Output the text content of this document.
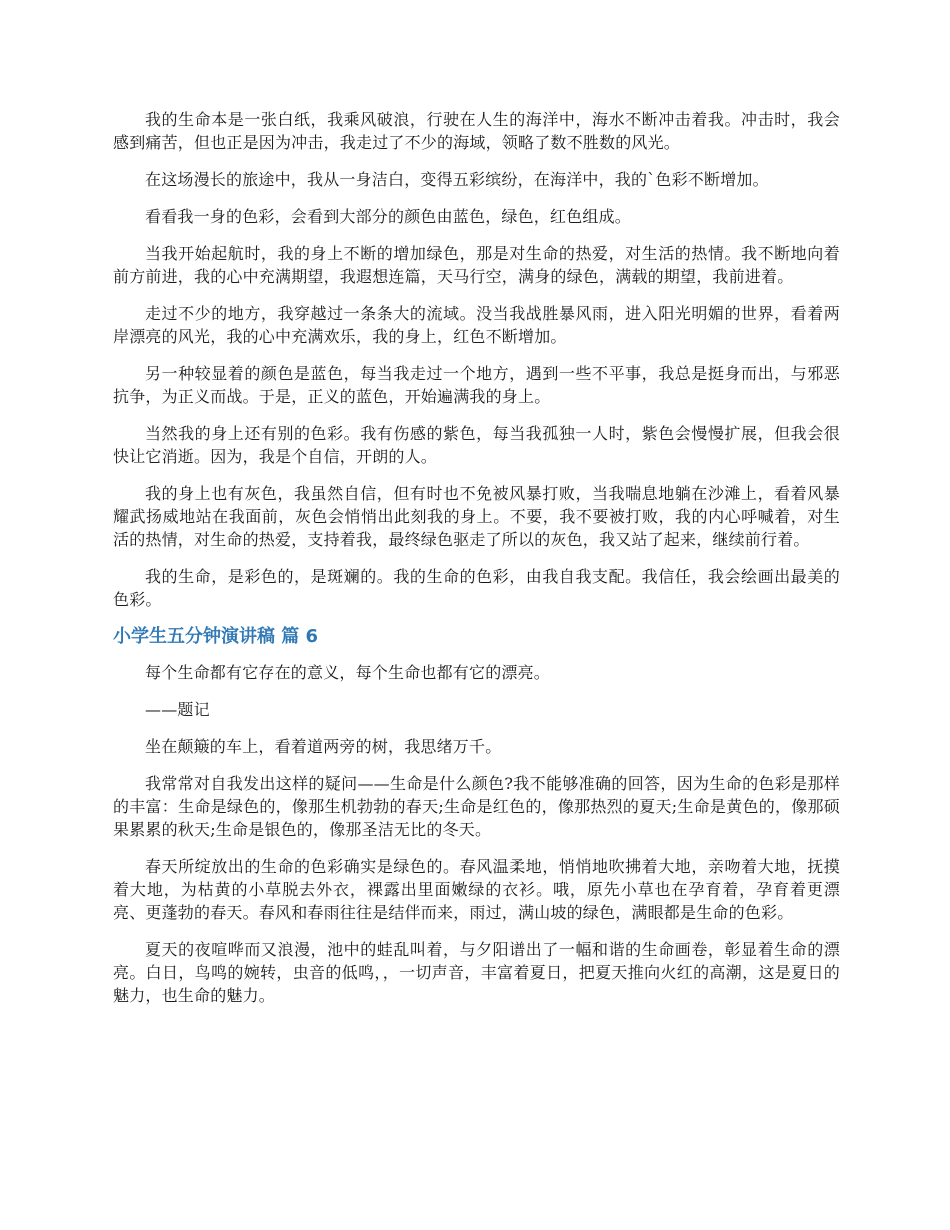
我的生命本是一张白纸，我乘风破浪，行驶在人生的海洋中，海水不断冲击着我。冲击时，我会感到痛苦，但也正是因为冲击，我走过了不少的海域，领略了数不胜数的风光。

在这场漫长的旅途中，我从一身洁白，变得五彩缤纷，在海洋中，我的`色彩不断增加。

看看我一身的色彩，会看到大部分的颜色由蓝色，绿色，红色组成。

当我开始起航时，我的身上不断的增加绿色，那是对生命的热爱，对生活的热情。我不断地向着前方前进，我的心中充满期望，我遐想连篇，天马行空，满身的绿色，满载的期望，我前进着。

走过不少的地方，我穿越过一条条大的流域。没当我战胜暴风雨，进入阳光明媚的世界，看着两岸漂亮的风光，我的心中充满欢乐，我的身上，红色不断增加。

另一种较显着的颜色是蓝色，每当我走过一个地方，遇到一些不平事，我总是挺身而出，与邪恶抗争，为正义而战。于是，正义的蓝色，开始遍满我的身上。

当然我的身上还有别的色彩。我有伤感的紫色，每当我孤独一人时，紫色会慢慢扩展，但我会很快让它消逝。因为，我是个自信，开朗的人。

我的身上也有灰色，我虽然自信，但有时也不免被风暴打败，当我喘息地躺在沙滩上，看着风暴耀武扬威地站在我面前，灰色会悄悄出此刻我的身上。不要，我不要被打败，我的内心呼喊着，对生活的热情，对生命的热爱，支持着我，最终绿色驱走了所以的灰色，我又站了起来，继续前行着。

我的生命，是彩色的，是斑斓的。我的生命的色彩，由我自我支配。我信任，我会绘画出最美的色彩。

小学生五分钟演讲稿 篇 6

每个生命都有它存在的意义，每个生命也都有它的漂亮。

——题记

坐在颠簸的车上，看着道两旁的树，我思绪万千。

我常常对自我发出这样的疑问——生命是什么颜色?我不能够准确的回答，因为生命的色彩是那样的丰富：生命是绿色的，像那生机勃勃的春天;生命是红色的，像那热烈的夏天;生命是黄色的，像那硕果累累的秋天;生命是银色的，像那圣洁无比的冬天。

春天所绽放出的生命的色彩确实是绿色的。春风温柔地，悄悄地吹拂着大地，亲吻着大地，抚摸着大地，为枯黄的小草脱去外衣，裸露出里面嫩绿的衣衫。哦，原先小草也在孕育着，孕育着更漂亮、更蓬勃的春天。春风和春雨往往是结伴而来，雨过，满山坡的绿色，满眼都是生命的色彩。

夏天的夜喧哗而又浪漫，池中的蛙乱叫着，与夕阳谱出了一幅和谐的生命画卷，彰显着生命的漂亮。白日，鸟鸣的婉转，虫音的低鸣，，一切声音，丰富着夏日，把夏天推向火红的高潮，这是夏日的魅力，也生命的魅力。
